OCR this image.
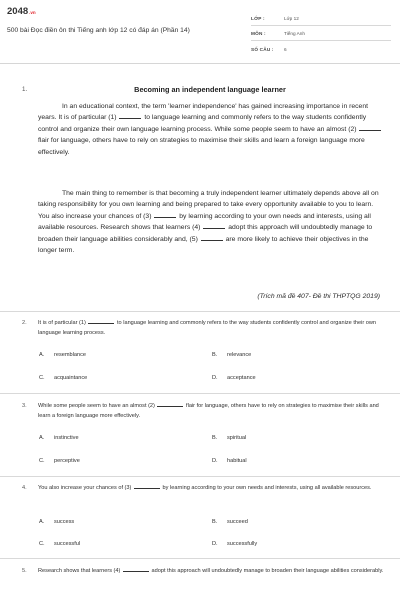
2048.vn
500 bài Đọc điền ôn thi Tiếng anh lớp 12 có đáp án (Phần 14)
LỚP :	Lớp 12
MÔN :	Tiếng Anh
SỐ CÂU : 6
1.	Becoming an independent language learner
In an educational context, the term 'learner independence' has gained increasing importance in recent years. It is of particular (1)	to language learning and commonly refers to the way students confidently control and organize their own language learning process. While some people seem to have an almost (2)  flair for language, others have to rely on strategies to maximise their skills and learn a foreign language more effectively.
The main thing to remember is that becoming a truly independent learner ultimately depends above all on taking responsibility for you own learning and being prepared to take every opportunity available to you to learn. You also increase your chances of (3)	by learning according to your own needs and interests, using all available resources. Research shows that learners (4)	adopt this approach will undoubtedly manage to broaden their language abilities considerably and, (5)	are more likely to achieve their objectives in the longer term.
(Trích mã đề 407- Đề thi THPTQG 2019)
2. It is of particular (1)	to language learning and commonly refers to the way students confidently control and organize their own language learning process.
A. resemblance	B. relevance
C. acquaintance	D. acceptance
3. While some people seem to have an almost (2)	flair for language, others have to rely on strategies to maximise their skills and learn a foreign language more effectively.
A. instinctive	B. spiritual
C. perceptive	D. habitual
4. You also increase your chances of (3)	by learning according to your own needs and interests, using all available resources.
A. success	B. succeed
C. successful	D. successfully
5. Research shows that learners (4)	adopt this approach will undoubtedly manage to broaden their language abilities considerably.
